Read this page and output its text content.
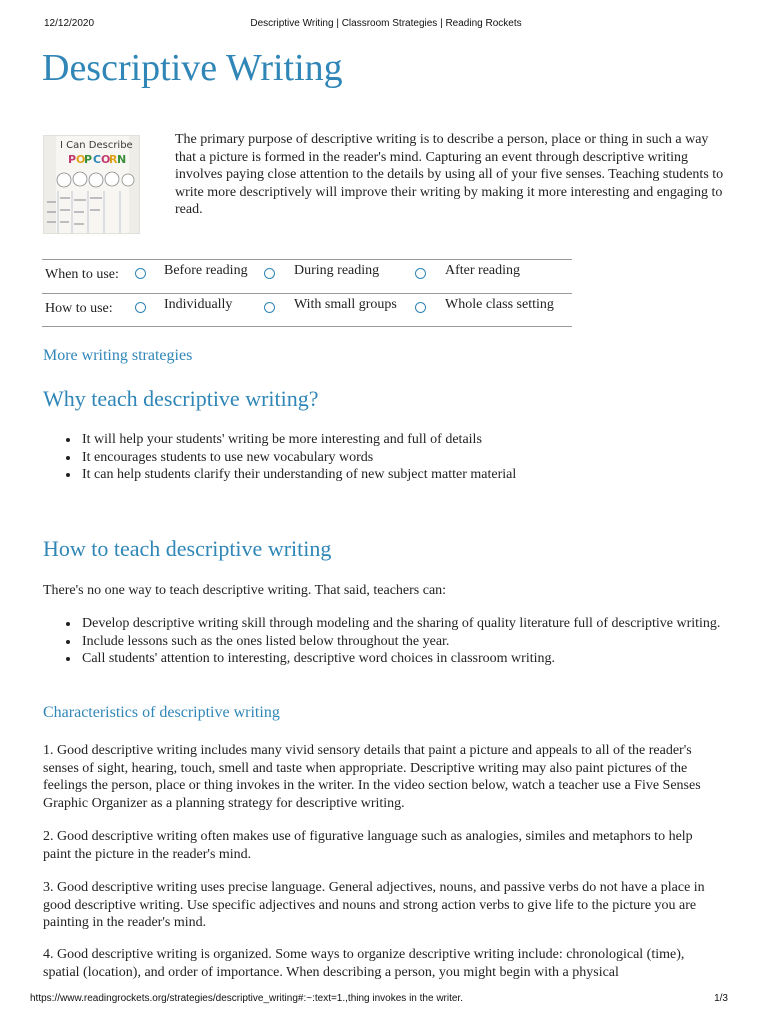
12/12/2020	Descriptive Writing | Classroom Strategies | Reading Rockets
Descriptive Writing
I Can Describe
P O
P C O
R N
The primary purpose of descriptive writing is to describe a person, place or thing in such a way that a picture is formed in the reader's mind. Capturing an event through descriptive writing involves paying close attention to the details by using all of your five senses. Teaching students to write more descriptively will improve their writing by making it more interesting and engaging to read.
When to use:	Before reading	During reading	After reading
How to use:	Individually	With small groups	Whole class setting
More writing strategies
Why teach descriptive writing?
It will help your students' writing be more interesting and full of details
It encourages students to use new vocabulary words
It can help students clarify their understanding of new subject matter material
How to teach descriptive writing

There's no one way to teach descriptive writing. That said, teachers can:

Develop descriptive writing skill through modeling and the sharing of quality literature full of descriptive writing.
Include lessons such as the ones listed below throughout the year.
Call students' attention to interesting, descriptive word choices in classroom writing.
Characteristics of descriptive writing

1. Good descriptive writing includes many vivid sensory details that paint a picture and appeals to all of the reader's senses of sight, hearing, touch, smell and taste when appropriate. Descriptive writing may also paint pictures of the feelings the person, place or thing invokes in the writer. In the video section below, watch a teacher use a Five Senses Graphic Organizer as a planning strategy for descriptive writing.

2. Good descriptive writing often makes use of figurative language such as analogies, similes and metaphors to help paint the picture in the reader's mind.

3. Good descriptive writing uses precise language. General adjectives, nouns, and passive verbs do not have a place in good descriptive writing. Use specific adjectives and nouns and strong action verbs to give life to the picture you are painting in the reader's mind.

4. Good descriptive writing is organized. Some ways to organize descriptive writing include: chronological (time), spatial (location), and order of importance. When describing a person, you might begin with a physical

https://www.readingrockets.org/strategies/descriptive_writing#:~:text=1.,thing invokes in the writer.	1/3
